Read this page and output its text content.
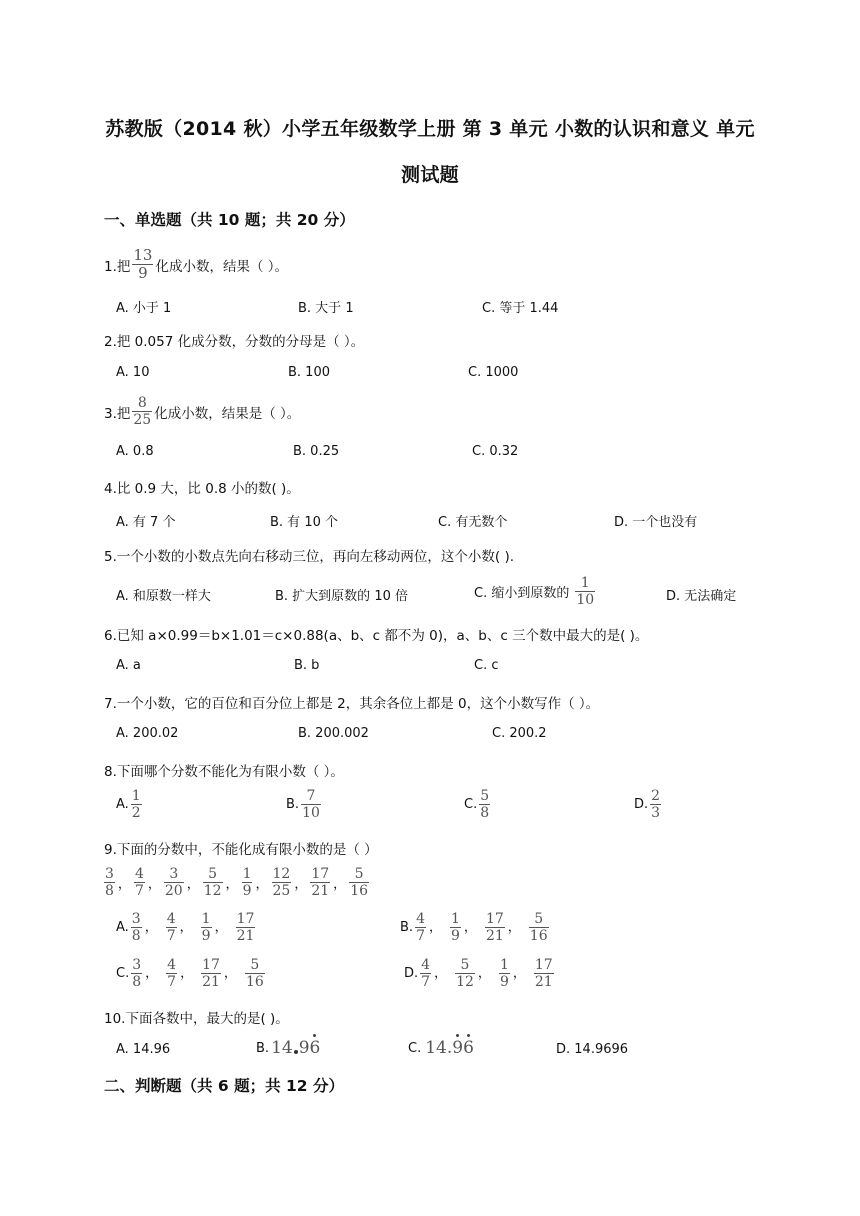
苏教版（2014 秋）小学五年级数学上册 第 3 单元 小数的认识和意义 单元
测试题
一、单选题（共 10 题；共 20 分）
1.把 $\frac{13}{9}$ 化成小数，结果（ ）。
A. 小于 1	B. 大于 1	C. 等于 1.44
2.把 0.057 化成分数，分数的分母是（ ）。
A. 10	B. 100	C. 1000
3.把 $\frac{8}{25}$ 化成小数，结果是（ ）。
A. 0.8	B. 0.25	C. 0.32
4.比 0.9 大，比 0.8 小的数( )。
A. 有 7 个	B. 有 10 个	C. 有无数个	D. 一个也没有
5.一个小数的小数点先向右移动三位，再向左移动两位，这个小数( ).
A. 和原数一样大	B. 扩大到原数的 10 倍	C. 缩小到原数的 $\frac{1}{10}$	D. 无法确定
6.已知 a×0.99＝b×1.01＝c×0.88(a、b、c 都不为 0)，a、b、c 三个数中最大的是( )。
A. a	B. b	C. c
7.一个小数，它的百位和百分位上都是 2，其余各位上都是 0，这个小数写作（ ）。
A. 200.02	B. 200.002	C. 200.2
8.下面哪个分数不能化为有限小数（ ）。
A. $\frac{1}{2}$	B. $\frac{7}{10}$	C. $\frac{5}{8}$	D. $\frac{2}{3}$
9.下面的分数中，不能化成有限小数的是（ ）
$\frac{3}{8}$ ， $\frac{4}{7}$ ， $\frac{3}{20}$ ， $\frac{5}{12}$ ， $\frac{1}{9}$ ， $\frac{12}{25}$ ， $\frac{17}{21}$ ， $\frac{5}{16}$
A. $\frac{3}{8}$ ， $\frac{4}{7}$ ， $\frac{1}{9}$ ， $\frac{17}{21}$	B. $\frac{4}{7}$ ， $\frac{1}{9}$ ， $\frac{17}{21}$ ， $\frac{5}{16}$
C. $\frac{3}{8}$ ， $\frac{4}{7}$ ， $\frac{17}{21}$ ， $\frac{5}{16}$	D. $\frac{4}{7}$ ， $\frac{5}{12}$ ， $\frac{1}{9}$ ， $\frac{17}{21}$
10.下面各数中，最大的是( )。
A. 14.96	B. 14 96	C. 14.96	D. 14.9696
二、判断题（共 6 题；共 12 分）
